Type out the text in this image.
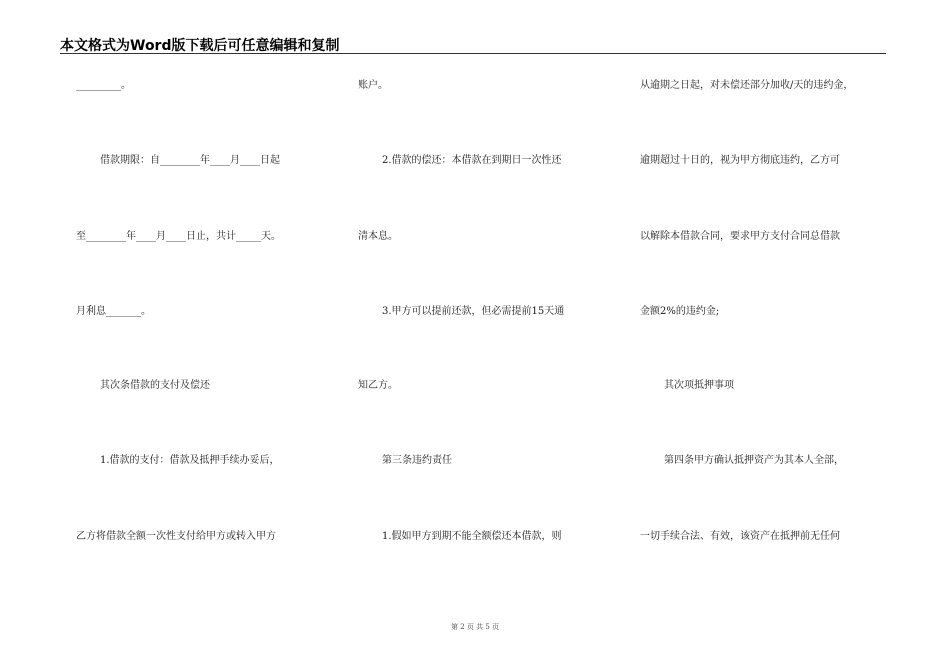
本文格式为Word版下载后可任意编辑和复制
_________。
借款期限：自________年____月____日起
至________年____月____日止，共计_____天。
月利息_______。
其次条借款的支付及偿还
1.借款的支付：借款及抵押手续办妥后，
乙方将借款全额一次性支付给甲方或转入甲方
账户。
2.借款的偿还：本借款在到期日一次性还
清本息。
3.甲方可以提前还款，但必需提前15天通
知乙方。
第三条违约责任
1.假如甲方到期不能全额偿还本借款，则
从逾期之日起，对未偿还部分加收/天的违约金，
逾期超过十日的，视为甲方彻底违约，乙方可
以解除本借款合同，要求甲方支付合同总借款
金额2%的违约金;
其次项抵押事项
第四条甲方确认抵押资产为其本人全部，
一切手续合法、有效，该资产在抵押前无任何
第 2 页 共 5 页
